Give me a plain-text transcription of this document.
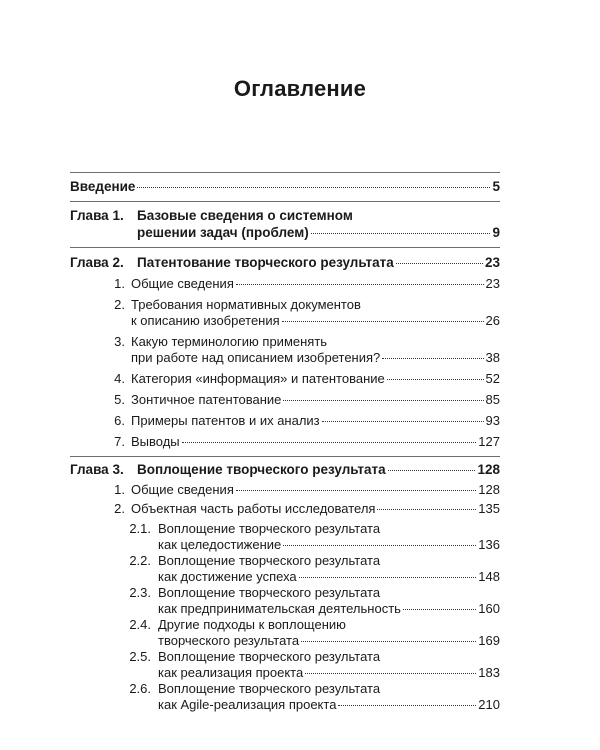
Оглавление
Введение	5
Глава 1. Базовые сведения о системном
решении задач (проблем)	9
Глава 2. Патентование творческого результата	23
1. Общие сведения	23
2. Требования нормативных документов
к описанию изобретения	26
3. Какую терминологию применять
при работе над описанием изобретения?	38
4. Категория «информация» и патентование	52
5. Зонтичное патентование	85
6. Примеры патентов и их анализ	93
7. Выводы	127
Глава 3. Воплощение творческого результата	128
1. Общие сведения	128
2. Объектная часть работы исследователя	135
2.1. Воплощение творческого результата
как целедостижение	136
2.2. Воплощение творческого результата
как достижение успеха	148
2.3. Воплощение творческого результата
как предпринимательская деятельность	160
2.4. Другие подходы к воплощению
творческого результата	169
2.5. Воплощение творческого результата
как реализация проекта	183
2.6. Воплощение творческого результата
как Agile-реализация проекта	210
